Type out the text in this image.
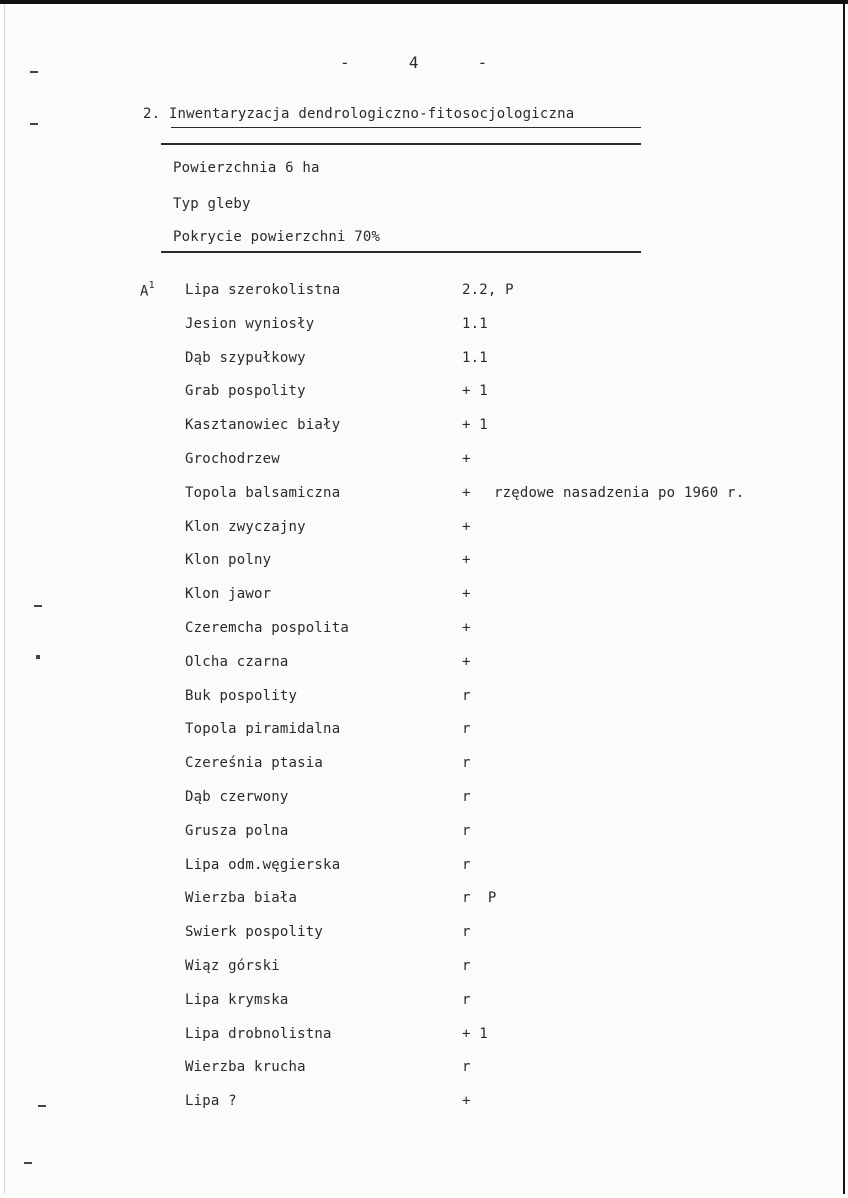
-      4      -
2. Inwentaryzacja dendrologiczno-fitosocjologiczna
Powierzchnia 6 ha
Typ gleby
Pokrycie powierzchni 70%
$A^1$ Lipa szerokolistna	2.2, P
Jesion wyniosły	1.1
Dąb szypułkowy	1.1
Grab pospolity	+ 1
Kasztanowiec biały	+ 1
Grochodrzew	+
Topola balsamiczna	+ rzędowe nasadzenia po 1960 r.
Klon zwyczajny	+
Klon polny	+
Klon jawor	+
Czeremcha pospolita	+
Olcha czarna	+
Buk pospolity	r
Topola piramidalna	r
Czereśnia ptasia	r
Dąb czerwony	r
Grusza polna	r
Lipa odm.węgierska	r
Wierzba biała	r  P
Swierk pospolity	r
Wiąz górski	r
Lipa krymska	r
Lipa drobnolistna	+ 1
Wierzba krucha	r
Lipa ?	+
